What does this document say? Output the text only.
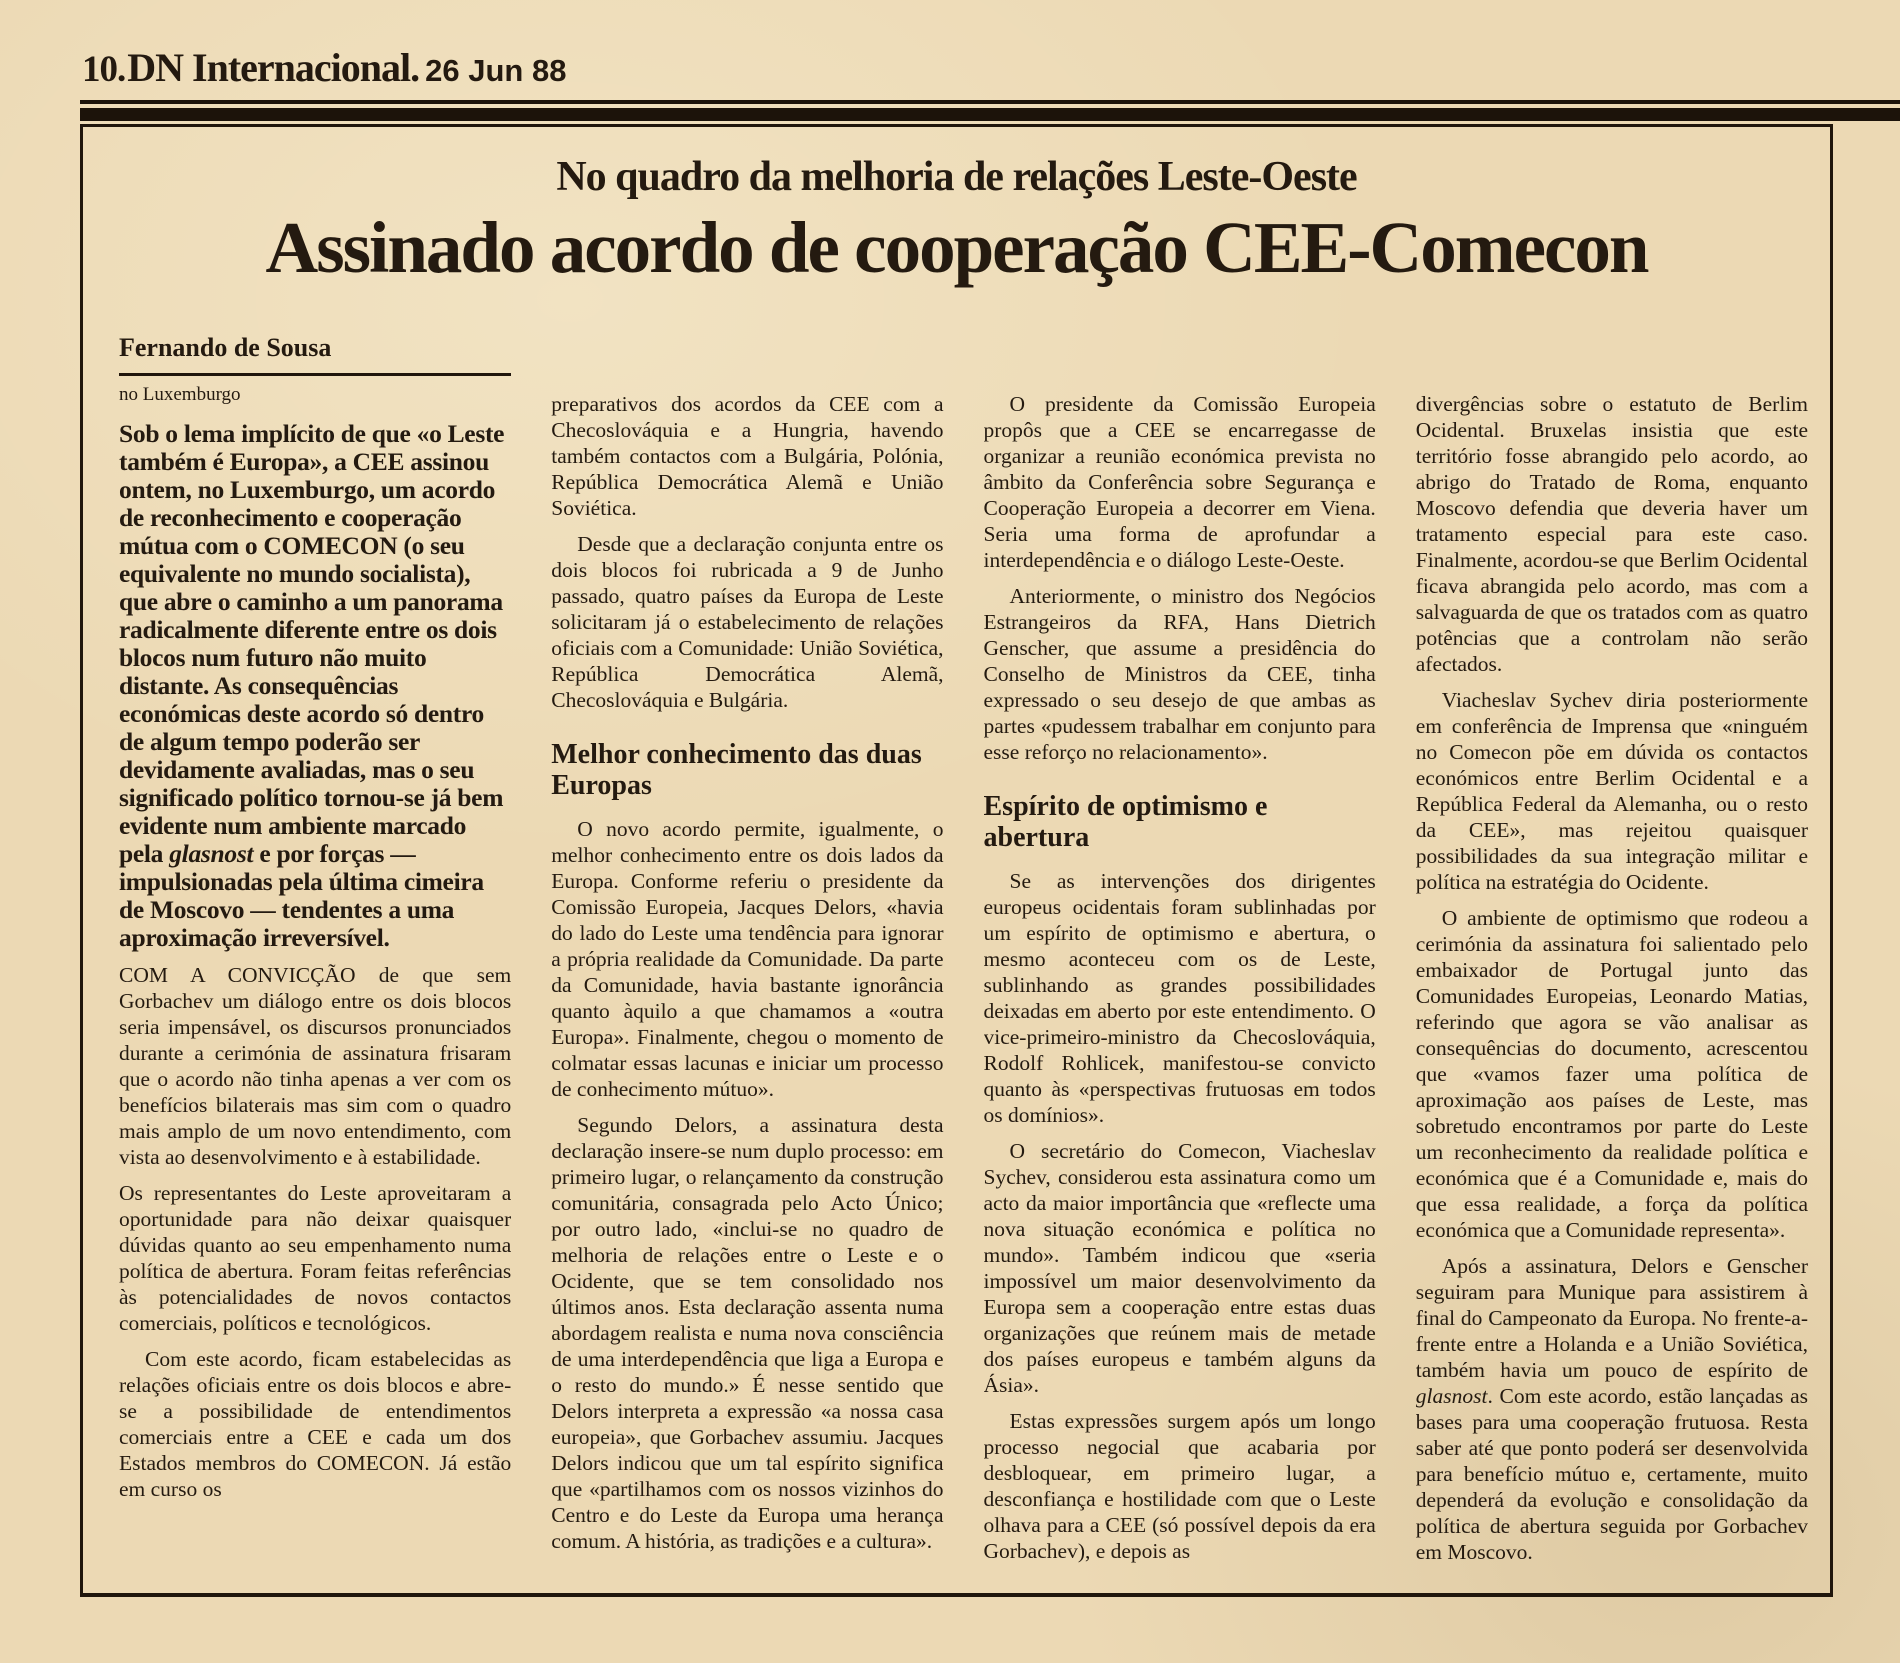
10. DN Internacional. 26 Jun 88
No quadro da melhoria de relações Leste-Oeste
Assinado acordo de cooperação CEE-Comecon
Fernando de Sousa
no Luxemburgo

Sob o lema implícito de que «o Leste também é Europa», a CEE assinou ontem, no Luxemburgo, um acordo de reconhecimento e cooperação mútua com o COMECON (o seu equivalente no mundo socialista), que abre o caminho a um panorama radicalmente diferente entre os dois blocos num futuro não muito distante. As consequências económicas deste acordo só dentro de algum tempo poderão ser devidamente avaliadas, mas o seu significado político tornou-se já bem evidente num ambiente marcado pela glasnost e por forças — impulsionadas pela última cimeira de Moscovo — tendentes a uma aproximação irreversível.

COM A CONVICÇÃO de que sem Gorbachev um diálogo entre os dois blocos seria impensável, os discursos pronunciados durante a cerimónia de assinatura frisaram que o acordo não tinha apenas a ver com os benefícios bilaterais mas sim com o quadro mais amplo de um novo entendimento, com vista ao desenvolvimento e à estabilidade.

Os representantes do Leste aproveitaram a oportunidade para não deixar quaisquer dúvidas quanto ao seu empenhamento numa política de abertura. Foram feitas referências às potencialidades de novos contactos comerciais, políticos e tecnológicos.

Com este acordo, ficam estabelecidas as relações oficiais entre os dois blocos e abre-se a possibilidade de entendimentos comerciais entre a CEE e cada um dos Estados membros do COMECON. Já estão em curso os

preparativos dos acordos da CEE com a Checoslováquia e a Hungria, havendo também contactos com a Bulgária, Polónia, República Democrática Alemã e União Soviética.

Desde que a declaração conjunta entre os dois blocos foi rubricada a 9 de Junho passado, quatro países da Europa de Leste solicitaram já o estabelecimento de relações oficiais com a Comunidade: União Soviética, República Democrática Alemã, Checoslováquia e Bulgária.

Melhor conhecimento das duas Europas

O novo acordo permite, igualmente, o melhor conhecimento entre os dois lados da Europa. Conforme referiu o presidente da Comissão Europeia, Jacques Delors, «havia do lado do Leste uma tendência para ignorar a própria realidade da Comunidade. Da parte da Comunidade, havia bastante ignorância quanto àquilo a que chamamos a «outra Europa». Finalmente, chegou o momento de colmatar essas lacunas e iniciar um processo de conhecimento mútuo».

Segundo Delors, a assinatura desta declaração insere-se num duplo processo: em primeiro lugar, o relançamento da construção comunitária, consagrada pelo Acto Único; por outro lado, «inclui-se no quadro de melhoria de relações entre o Leste e o Ocidente, que se tem consolidado nos últimos anos. Esta declaração assenta numa abordagem realista e numa nova consciência de uma interdependência que liga a Europa e o resto do mundo.» É nesse sentido que Delors interpreta a expressão «a nossa casa europeia», que Gorbachev assumiu. Jacques Delors indicou que um tal espírito significa que «partilhamos com os nossos vizinhos do Centro e do Leste da Europa uma herança comum. A história, as tradições e a cultura».

O presidente da Comissão Europeia propôs que a CEE se encarregasse de organizar a reunião económica prevista no âmbito da Conferência sobre Segurança e Cooperação Europeia a decorrer em Viena. Seria uma forma de aprofundar a interdependência e o diálogo Leste-Oeste.

Anteriormente, o ministro dos Negócios Estrangeiros da RFA, Hans Dietrich Genscher, que assume a presidência do Conselho de Ministros da CEE, tinha expressado o seu desejo de que ambas as partes «pudessem trabalhar em conjunto para esse reforço no relacionamento».

Espírito de optimismo e abertura

Se as intervenções dos dirigentes europeus ocidentais foram sublinhadas por um espírito de optimismo e abertura, o mesmo aconteceu com os de Leste, sublinhando as grandes possibilidades deixadas em aberto por este entendimento. O vice-primeiro-ministro da Checoslováquia, Rodolf Rohlicek, manifestou-se convicto quanto às «perspectivas frutuosas em todos os domínios».

O secretário do Comecon, Viacheslav Sychev, considerou esta assinatura como um acto da maior importância que «reflecte uma nova situação económica e política no mundo». Também indicou que «seria impossível um maior desenvolvimento da Europa sem a cooperação entre estas duas organizações que reúnem mais de metade dos países europeus e também alguns da Ásia».

Estas expressões surgem após um longo processo negocial que acabaria por desbloquear, em primeiro lugar, a desconfiança e hostilidade com que o Leste olhava para a CEE (só possível depois da era Gorbachev), e depois as

divergências sobre o estatuto de Berlim Ocidental. Bruxelas insistia que este território fosse abrangido pelo acordo, ao abrigo do Tratado de Roma, enquanto Moscovo defendia que deveria haver um tratamento especial para este caso. Finalmente, acordou-se que Berlim Ocidental ficava abrangida pelo acordo, mas com a salvaguarda de que os tratados com as quatro potências que a controlam não serão afectados.

Viacheslav Sychev diria posteriormente em conferência de Imprensa que «ninguém no Comecon põe em dúvida os contactos económicos entre Berlim Ocidental e a República Federal da Alemanha, ou o resto da CEE», mas rejeitou quaisquer possibilidades da sua integração militar e política na estratégia do Ocidente.

O ambiente de optimismo que rodeou a cerimónia da assinatura foi salientado pelo embaixador de Portugal junto das Comunidades Europeias, Leonardo Matias, referindo que agora se vão analisar as consequências do documento, acrescentou que «vamos fazer uma política de aproximação aos países de Leste, mas sobretudo encontramos por parte do Leste um reconhecimento da realidade política e económica que é a Comunidade e, mais do que essa realidade, a força da política económica que a Comunidade representa».

Após a assinatura, Delors e Genscher seguiram para Munique para assistirem à final do Campeonato da Europa. No frente-a-frente entre a Holanda e a União Soviética, também havia um pouco de espírito de glasnost. Com este acordo, estão lançadas as bases para uma cooperação frutuosa. Resta saber até que ponto poderá ser desenvolvida para benefício mútuo e, certamente, muito dependerá da evolução e consolidação da política de abertura seguida por Gorbachev em Moscovo.
